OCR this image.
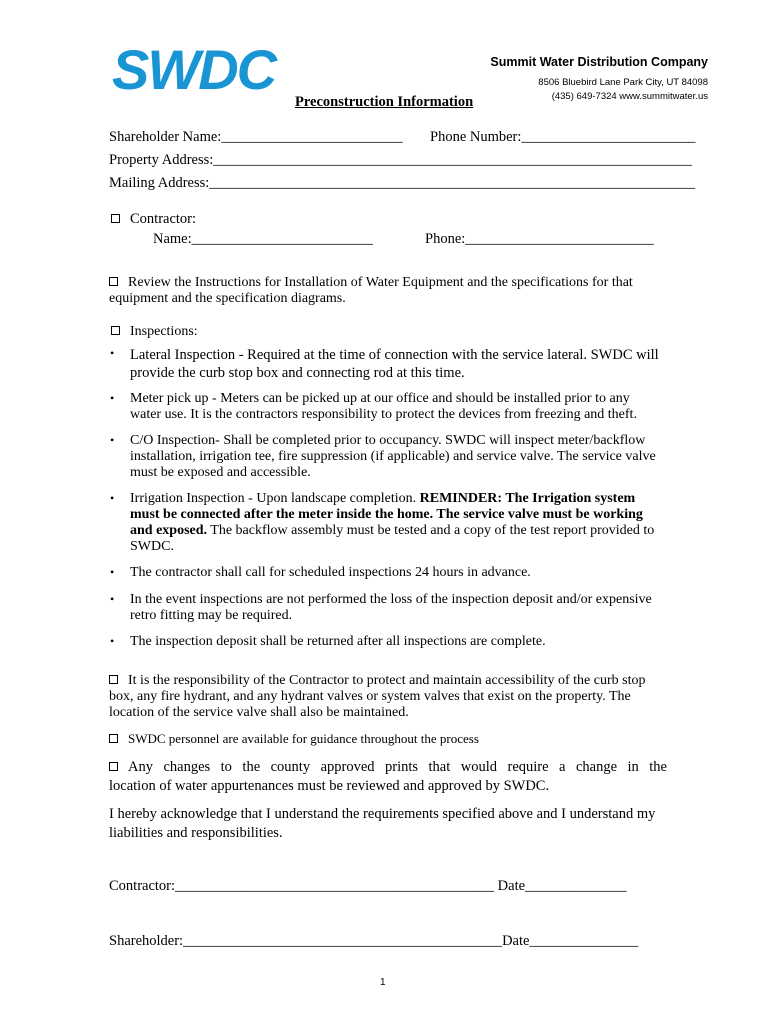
SWDC	Summit Water Distribution Company
8506 Bluebird Lane Park City, UT 84098
(435) 649-7324 www.summitwater.us
Preconstruction Information
Shareholder Name:_________________________ Phone Number:________________________
Property Address:__________________________________________________________________
Mailing Address:___________________________________________________________________
Contractor:
Name:_________________________	Phone:__________________________
Review the Instructions for Installation of Water Equipment and the specifications for that
equipment and the specification diagrams.
Inspections:
• Lateral Inspection - Required at the time of connection with the service lateral. SWDC will
provide the curb stop box and connecting rod at this time.
• Meter pick up - Meters can be picked up at our office and should be installed prior to any
water use. It is the contractors responsibility to protect the devices from freezing and theft.
• C/O Inspection- Shall be completed prior to occupancy. SWDC will inspect meter/backflow
installation, irrigation tee, fire suppression (if applicable) and service valve. The service valve
must be exposed and accessible.
• Irrigation Inspection - Upon landscape completion. REMINDER: The Irrigation system
must be connected after the meter inside the home. The service valve must be working
and exposed. The backflow assembly must be tested and a copy of the test report provided to
SWDC.
• The contractor shall call for scheduled inspections 24 hours in advance.
• In the event inspections are not performed the loss of the inspection deposit and/or expensive
retro fitting may be required.
• The inspection deposit shall be returned after all inspections are complete.
It is the responsibility of the Contractor to protect and maintain accessibility of the curb stop
box, any fire hydrant, and any hydrant valves or system valves that exist on the property. The
location of the service valve shall also be maintained.
SWDC personnel are available for guidance throughout the process
Any changes to the county approved prints that would require a change in the
location of water appurtenances must be reviewed and approved by SWDC.
I hereby acknowledge that I understand the requirements specified above and I understand my
liabilities and responsibilities.
Contractor:____________________________________________ Date______________
Shareholder:____________________________________________Date_______________
1
